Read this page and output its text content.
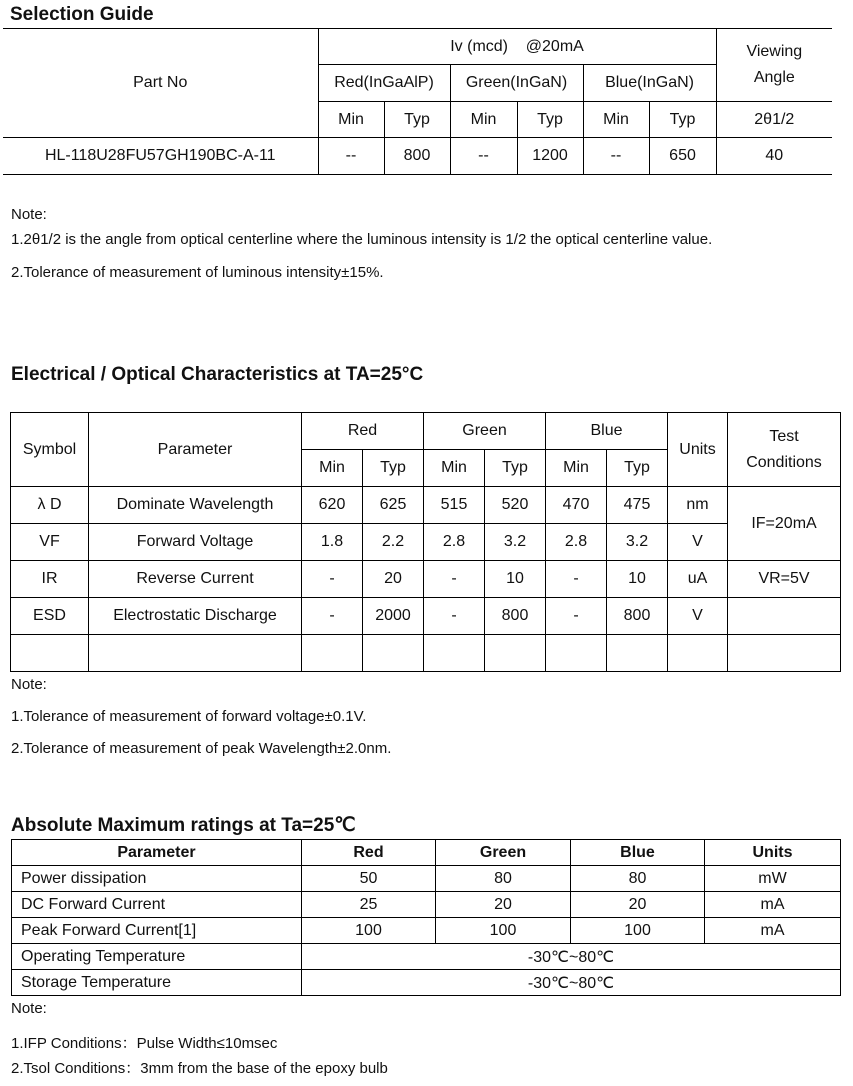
Selection Guide
Part No	Iv (mcd)    @20mA						Viewing
Angle
	Red(InGaAlP)		Green(InGaN)		Blue(InGaN)		
	Min	Typ	Min	Typ	Min	Typ	2θ1/2
HL-118U28FU57GH190BC-A-11	--	800	--	1200	--	650	40
Note:
1.2θ1/2 is the angle from optical centerline where the luminous intensity is 1/2 the optical centerline value.
2.Tolerance of measurement of luminous intensity±15%.
Electrical / Optical Characteristics at TA=25°C
Symbol	Parameter	Red		Green		Blue		Units	Test
Conditions
		Min	Typ	Min	Typ	Min	Typ		
λ D	Dominate Wavelength	620	625	515	520	470	475	nm	IF=20mA
VF	Forward Voltage	1.8	2.2	2.8	3.2	2.8	3.2	V	
IR	Reverse Current	-	20	-	10	-	10	uA	VR=5V
ESD	Electrostatic Discharge	-	2000	-	800	-	800	V	

Note:
1.Tolerance of measurement of forward voltage±0.1V.
2.Tolerance of measurement of peak Wavelength±2.0nm.
Absolute Maximum ratings at Ta=25℃
Parameter	Red	Green	Blue	Units
Power dissipation	50	80	80	mW
DC Forward Current	25	20	20	mA
Peak Forward Current[1]	100	100	100	mA
Operating Temperature	-30℃~80℃			
Storage Temperature	-30℃~80℃			
Note:
1.IFP Conditions：Pulse Width≤10msec
2.Tsol Conditions：3mm from the base of the epoxy bulb
